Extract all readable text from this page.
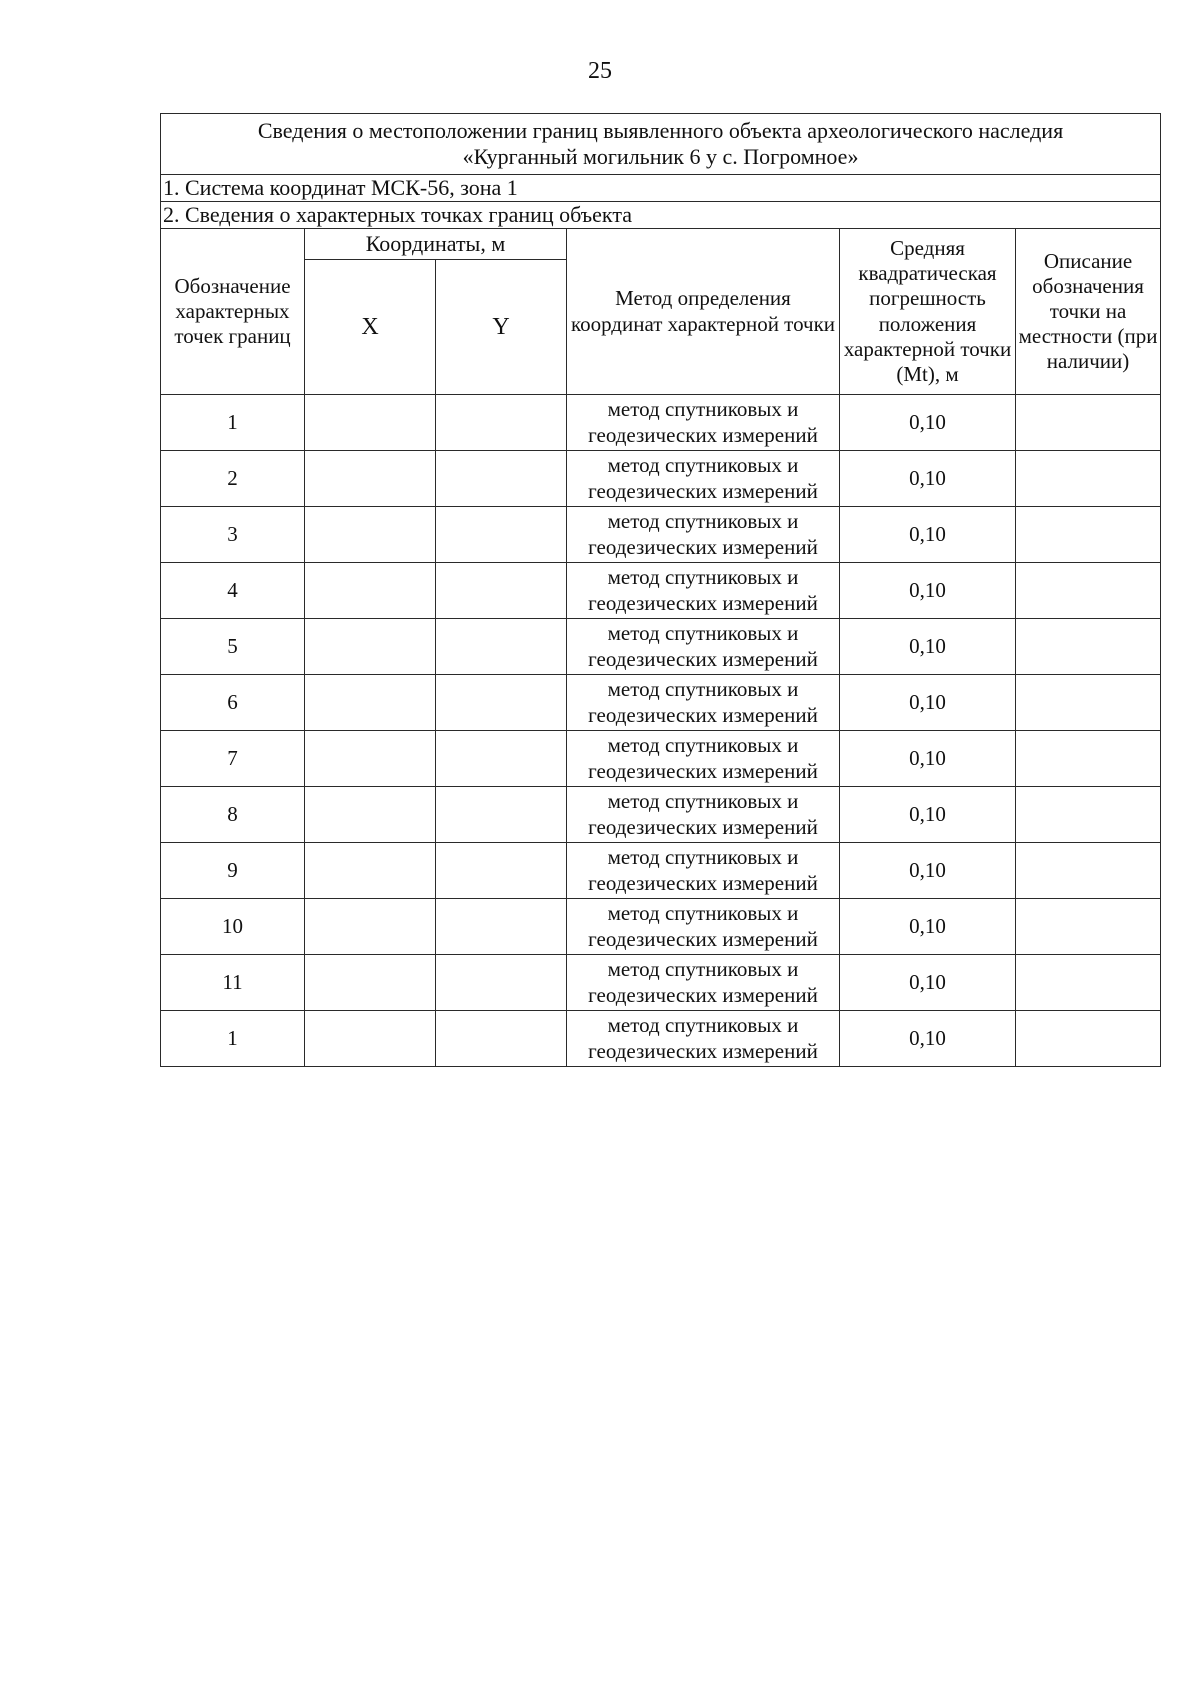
25
Сведения о местоположении границ выявленного объекта археологического наследия
«Курганный могильник 6 у с. Погромное»					

1. Система координат МСК-56, зона 1					
2. Сведения о характерных точках границ объекта					
Обозначение характерных точек границ	Координаты, м		Метод определения координат характерной точки	Средняя квадратическая погрешность положения характерной точки (Mt), м	Описание обозначения точки на местности (при наличии)
	X	Y			
1			метод спутниковых и геодезических измерений	0,10	
2			метод спутниковых и геодезических измерений	0,10	
3			метод спутниковых и геодезических измерений	0,10	
4			метод спутниковых и геодезических измерений	0,10	
5			метод спутниковых и геодезических измерений	0,10	
6			метод спутниковых и геодезических измерений	0,10	
7			метод спутниковых и геодезических измерений	0,10	
8			метод спутниковых и геодезических измерений	0,10	
9			метод спутниковых и геодезических измерений	0,10	
10			метод спутниковых и геодезических измерений	0,10	
11			метод спутниковых и геодезических измерений	0,10	
1			метод спутниковых и геодезических измерений	0,10	
